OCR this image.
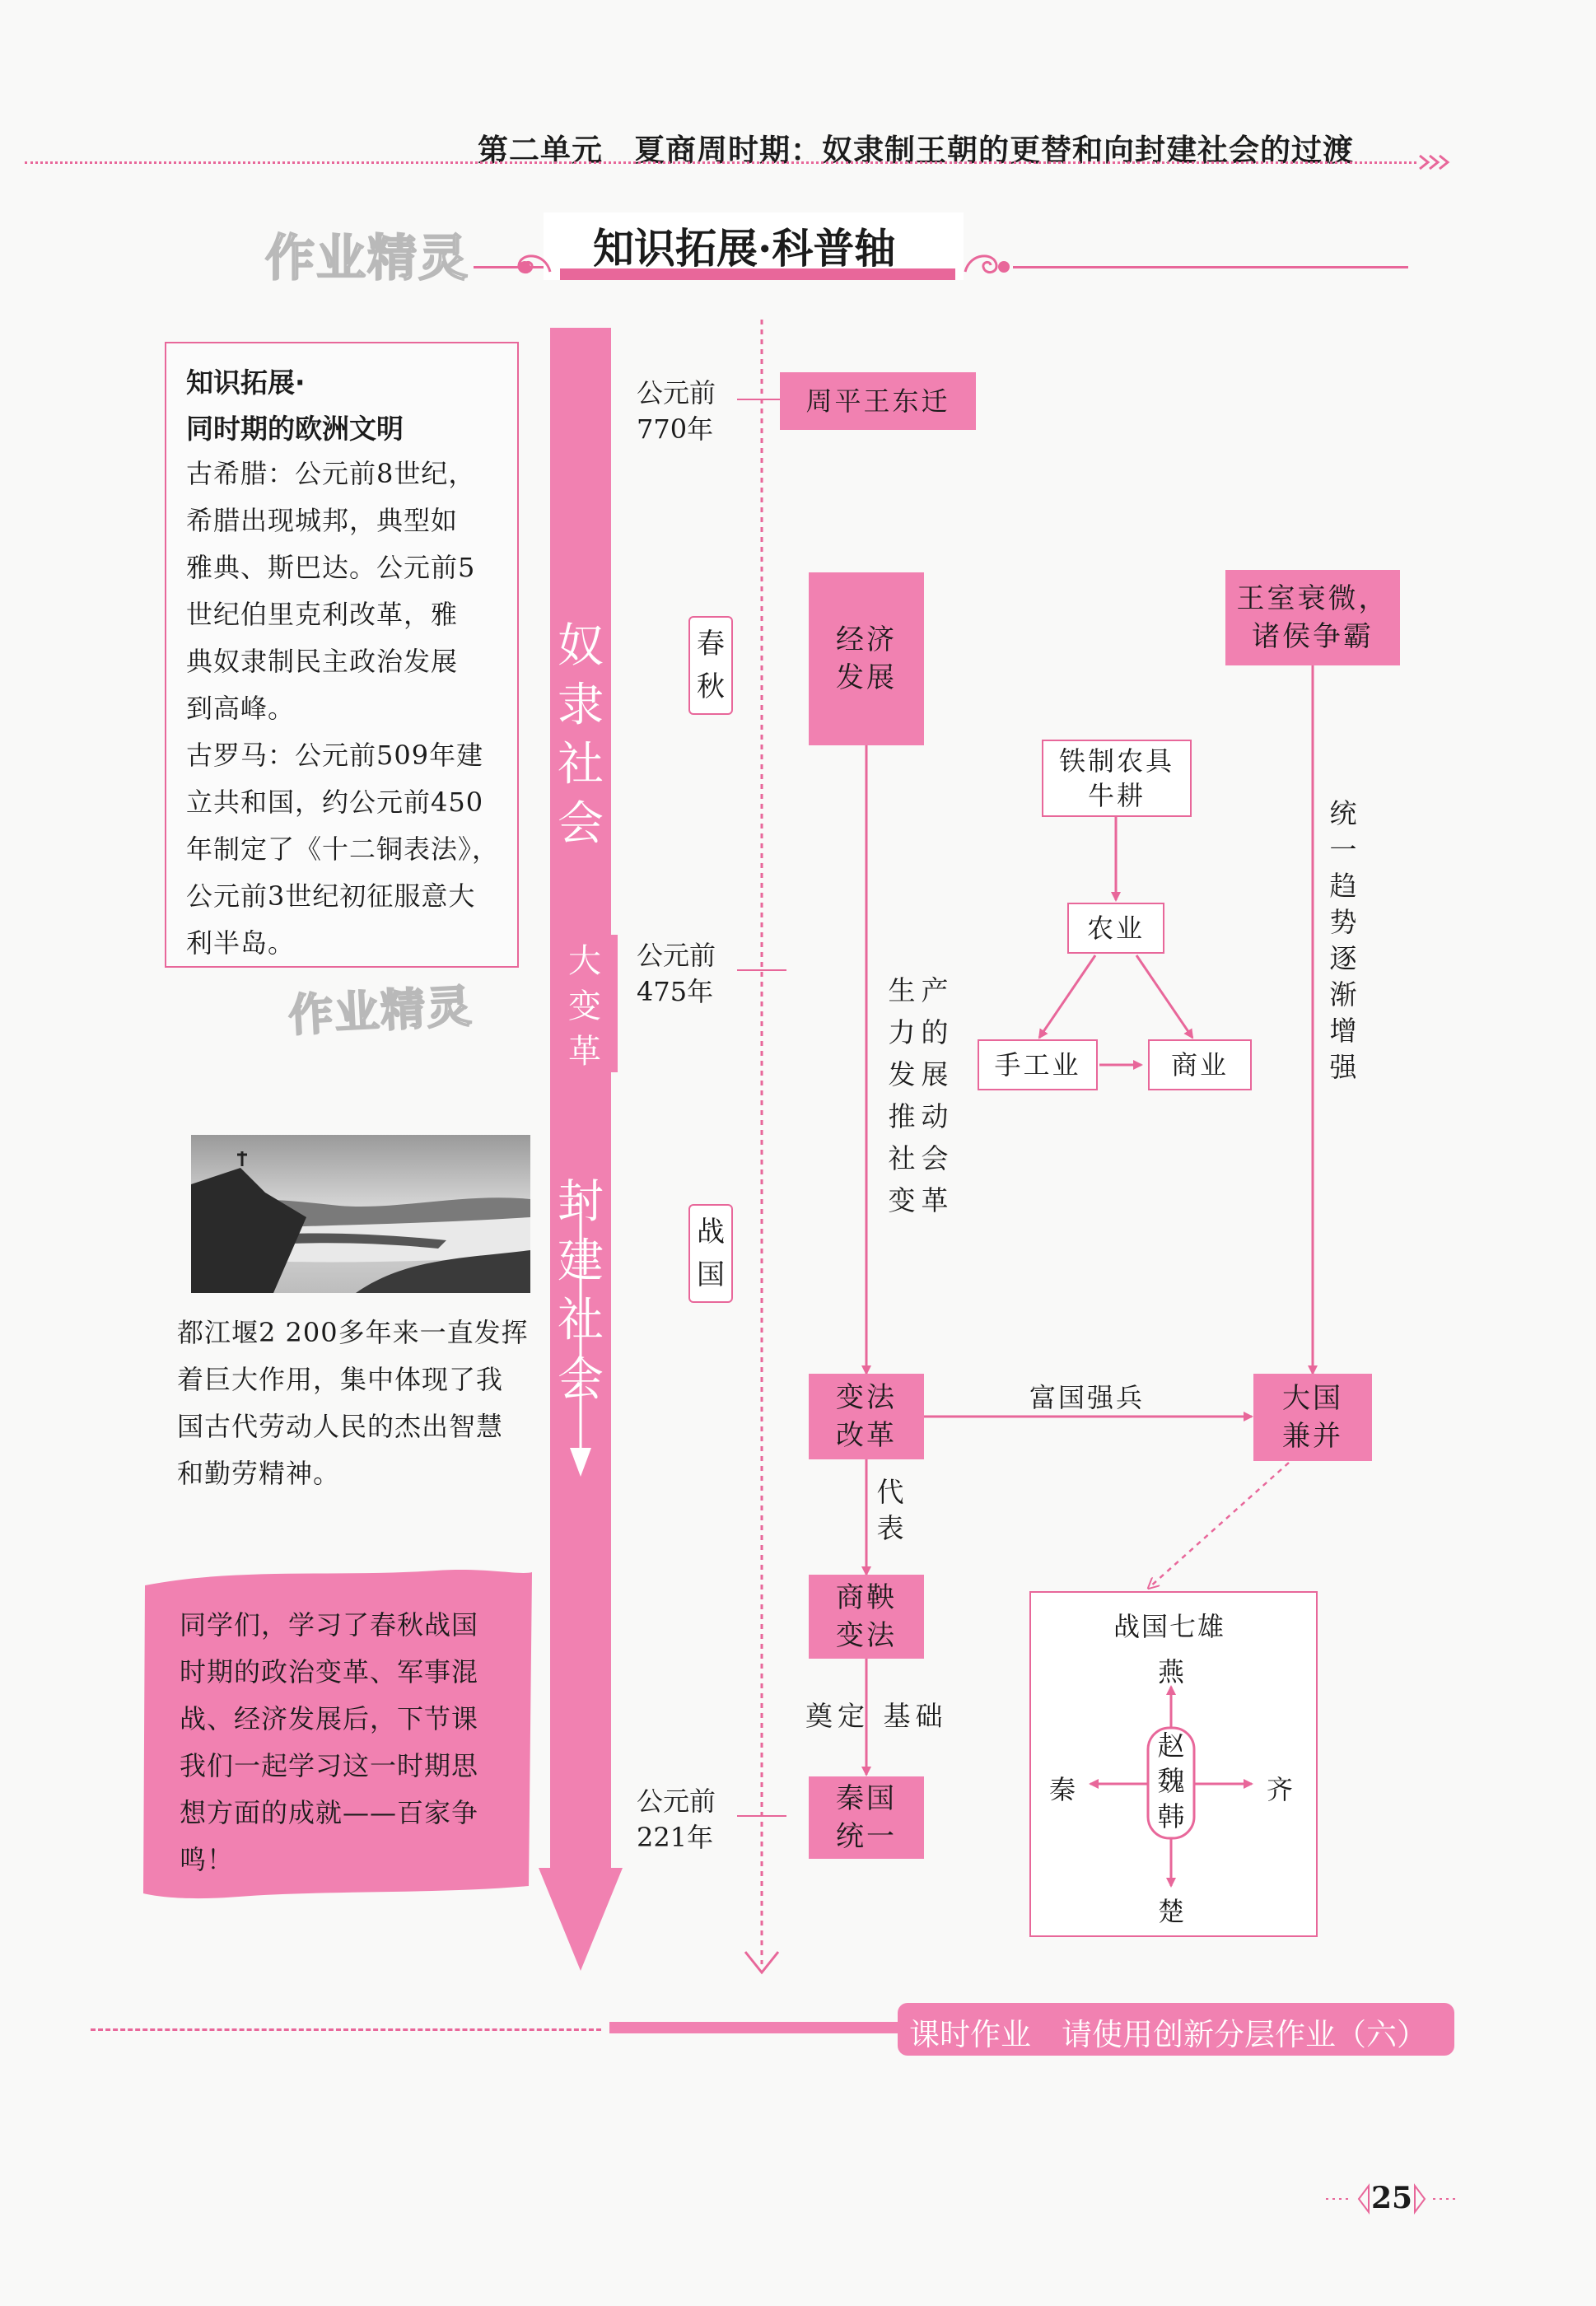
第二单元　夏商周时期：奴隶制王朝的更替和向封建社会的过渡
作业精灵	知识拓展·科普轴
知识拓展·
同时期的欧洲文明
古希腊：公元前8世纪，
希腊出现城邦，典型如
雅典、斯巴达。公元前5
世纪伯里克利改革，雅
典奴隶制民主政治发展
到高峰。
古罗马：公元前509年建
立共和国，约公元前450
年制定了《十二铜表法》，
公元前3世纪初征服意大
利半岛。
作业精灵
都江堰2 200多年来一直发挥
着巨大作用，集中体现了我
国古代劳动人民的杰出智慧
和勤劳精神。
同学们，学习了春秋战国
时期的政治变革、军事混
战、经济发展后，下节课
我们一起学习这一时期思
想方面的成就——百家争
鸣！
奴
隶
社
会
大
变
革
封
建
社
会
公元前
770年
公元前
475年
公元前
221年
春
秋
战
国
周平王东迁
经济
发展
王室衰微，
诸侯争霸
铁制农具
牛耕
农业
手工业	商业
生
力
发
推
社
变
产
的
展
动
会
革
统
一
趋
势
逐
渐
增
强
变法
改革
富国强兵	大国
兼并
代
表
商鞅
变法
奠定 基础
秦国
统一
战国七雄
燕
秦	齐
楚
赵
魏
韩
课时作业　请使用创新分层作业（六）
25
